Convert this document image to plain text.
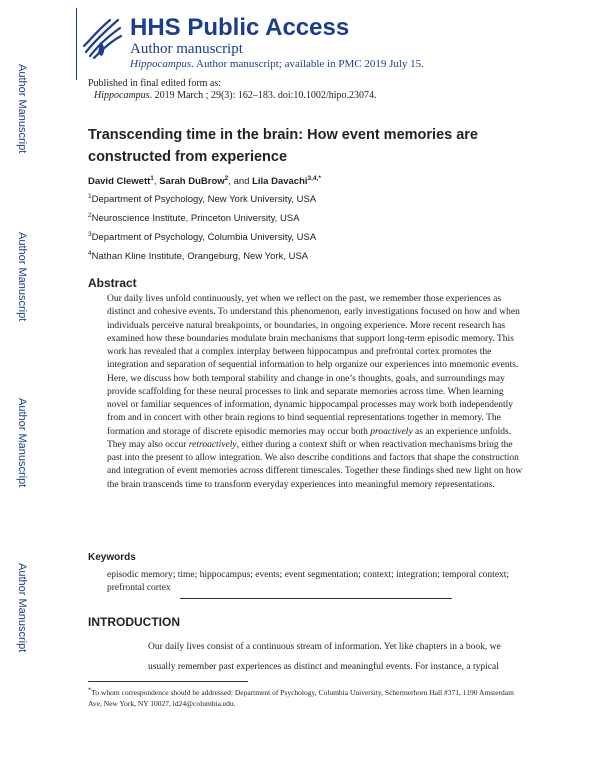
Author Manuscript
Author Manuscript
Author Manuscript
Author Manuscript
HHS Public Access
Author manuscript
Hippocampus. Author manuscript; available in PMC 2019 July 15.
Published in final edited form as:
Hippocampus. 2019 March ; 29(3): 162–183. doi:10.1002/hipo.23074.
Transcending time in the brain: How event memories are constructed from experience
David Clewett$^1$, Sarah DuBrow$^2$, and Lila Davachi$^{3,4,*}$
$^1$Department of Psychology, New York University, USA
$^2$Neuroscience Institute, Princeton University, USA
$^3$Department of Psychology, Columbia University, USA
$^4$Nathan Kline Institute, Orangeburg, New York, USA
Abstract
Our daily lives unfold continuously, yet when we reflect on the past, we remember those experiences as distinct and cohesive events. To understand this phenomenon, early investigations focused on how and when individuals perceive natural breakpoints, or boundaries, in ongoing experience. More recent research has examined how these boundaries modulate brain mechanisms that support long-term episodic memory. This work has revealed that a complex interplay between hippocampus and prefrontal cortex promotes the integration and separation of sequential information to help organize our experiences into mnemonic events. Here, we discuss how both temporal stability and change in one’s thoughts, goals, and surroundings may provide scaffolding for these neural processes to link and separate memories across time. When learning novel or familiar sequences of information, dynamic hippocampal processes may work both independently from and in concert with other brain regions to bind sequential representations together in memory. The formation and storage of discrete episodic memories may occur both proactively as an experience unfolds. They may also occur retroactively, either during a context shift or when reactivation mechanisms bring the past into the present to allow integration. We also describe conditions and factors that shape the construction and integration of event memories across different timescales. Together these findings shed new light on how the brain transcends time to transform everyday experiences into meaningful memory representations.
Keywords
episodic memory; time; hippocampus; events; event segmentation; context; integration; temporal context; prefrontal cortex
INTRODUCTION
Our daily lives consist of a continuous stream of information. Yet like chapters in a book, we usually remember past experiences as distinct and meaningful events. For instance, a typical
*To whom correspondence should be addressed: Department of Psychology, Columbia University, Schermerhorn Hall #371, 1190 Amsterdam Ave, New York, NY 10027, ld24@columbia.edu.
